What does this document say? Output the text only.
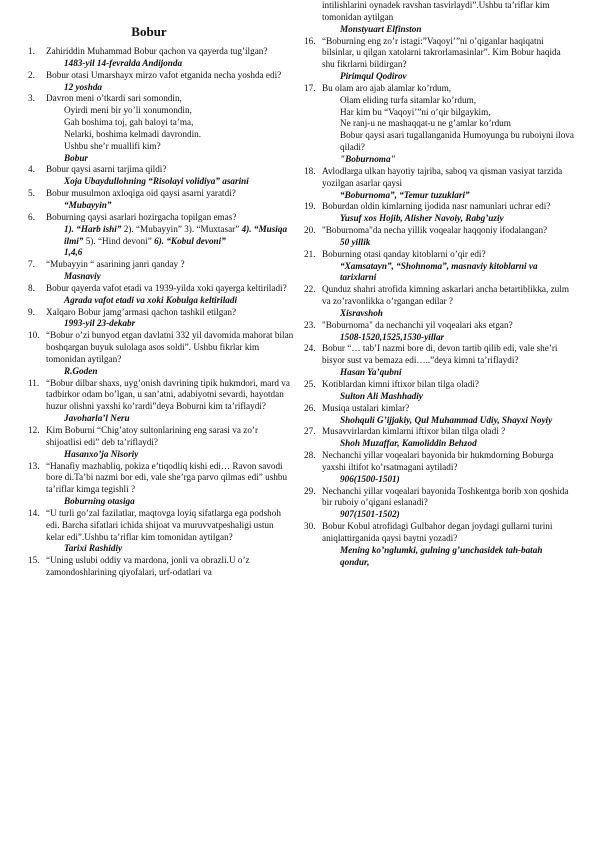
Bobur
1. Zahiriddin Muhammad Bobur qachon va qayerda tug’ilgan?
1483-yil 14-fevralda Andijonda
2. Bobur otasi Umarshayx mirzo vafot etganida necha yoshda edi?
12 yoshda
3. Davron meni o’tkardi sari somondin,
Oyirdi meni bir yo’li xonumondin,
Gah boshima toj, gah baloyi ta’ma,
Nelarki, boshima kelmadi davrondin.
Ushbu she’r muallifi kim?
Bobur
4. Bobur qaysi asarni tarjima qildi?
Xoja Ubaydullohning “Risolayi volidiya” asarini
5. Bobur musulmon axloqiga oid qaysi asarni yaratdi?
“Mubayyin”
6. Boburning qaysi asarlari hozirgacha topilgan emas?
1). “Harb ishi” 2). “Mubayyin” 3). “Muxtasar” 4). “Musiqa ilmi” 5). “Hind devoni” 6). “Kobul devoni”
1,4,6
7. “Mubayyin “ asarining janri qanday ?
Masnaviy
8. Bobur qayerda vafot etadi va 1939-yilda xoki qayerga keltiriladi?
Agrada vafot etadi va xoki Kobulga keltiriladi
9. Xalqaro Bobur jamg’armasi qachon tashkil etilgan?
1993-yil 23-dekabr
10. “Bobur o’zi bunyod etgan davlatni 332 yil davomida mahorat bilan boshqargan buyuk sulolaga asos soldi”. Ushbu fikrlar kim tomonidan aytilgan?
R.Goden
11. “Bobur dilbar shaxs, uyg’onish davrining tipik hukmdori, mard va tadbirkor odam bo’lgan, u san’atni, adabiyotni sevardi, hayotdan huzur olishni yaxshi ko’rardi”deya Boburni kim ta’riflaydi?
Javoharla’l Neru
12. Kim Boburni “Chig’atoy sultonlarining eng sarasi va zo’r shijoatlisi edi” deb ta’riflaydi?
Hasanxo’ja Nisoriy
13. “Hanafiy mazhabliq, pokiza e’tiqodliq kishi edi… Ravon savodi bore di.Ta’bi nazmi bor edi, vale she’rga parvo qilmas edi” ushbu ta’riflar kimga tegishli ?
Boburning otasiga
14. “U turli go’zal fazilatlar, maqtovga loyiq sifatlarga ega podshoh edi. Barcha sifatlari ichida shijoat va muruvvatpeshaligi ustun kelar edi”.Ushbu ta’riflar kim tomonidan aytilgan?
Tarixi Rashidiy
15. “Uning uslubi oddiy va mardona, jonli va obrazli.U o’z zamondoshlarining qiyofalari, urf-odatlari va
intilishlarini oynadek ravshan tasvirlaydi”.Ushbu ta’riflar kim tomonidan aytilgan
Monstyuart Elfinston
16. “Boburning eng zo’r istagi:”Vaqoyi’”ni o’qiganlar haqiqatni bilsinlar, u qilgan xatolarni takrorlamasinlar”. Kim Bobur haqida shu fikrlarni bildirgan?
Pirimqul Qodirov
17. Bu olam aro ajab alamlar ko’rdum,
Olam eliding turfa sitamlar ko’rdum,
Har kim bu “Vaqoyi’”ni o’qir bilgaykim,
Ne ranj-u ne mashaqqat-u ne g’amlar ko’rdum
Bobur qaysi asari tugallanganida Humoyunga bu ruboiyni ilova qiladi?
"Boburnoma"
18. Avlodlarga ulkan hayotiy tajriba, saboq va qisman vasiyat tarzida yozilgan asarlar qaysi
“Boburnoma”, “Temur tuzuklari”
19. Boburdan oldin kimlarning ijodida nasr namunlari uchrar edi?
Yusuf xos Hojib, Alisher Navoiy, Rabg’uziy
20. "Boburnoma"da necha yillik voqealar haqqoniy ifodalangan?
50 yillik
21. Boburning otasi qanday kitoblarni o’qir edi?
“Xamsatayn”, “Shohnoma”, masnaviy kitoblarni va tarixlarni
22. Qunduz shahri atrofida kimning askarlari ancha betartiblikka, zulm va zo’ravonlikka o’rgangan edilar ?
Xisravshoh
23. "Boburnoma" da nechanchi yil voqealari aks etgan?
1508-1520,1525,1530-yillar
24. Bobur “… tab’I nazmi bore di, devon tartib qilib edi, vale she’ri bisyor sust va bemaza edi…..”deya kimni ta’riflaydi?
Hasan Ya’qubni
25. Kotiblardan kimni iftixor bilan tilga oladi?
Sulton Ali Mashhadiy
26. Musiqa ustalari kimlar?
Shohquli G’ijjakiy, Qul Muhammad Udiy, Shayxi Noyiy
27. Musavvirlardan kimlarni iftixor bilan tilga oladi ?
Shoh Muzaffar, Kamoliddin Behzod
28. Nechanchi yillar voqealari bayonida bir hukmdorning Boburga yaxshi iltifot ko’rsatmagani aytiladi?
906(1500-1501)
29. Nechanchi yillar voqealari bayonida Toshkentga borib xon qoshida bir ruboiy o’qigani eslanadi?
907(1501-1502)
30. Bobur Kobul atrofidagi Gulbahor degan joydagi gullarni turini aniqlattirganida qaysi baytni yozadi?
Mening ko’nglumki, gulning g’unchasidek tah-batah qondur,
